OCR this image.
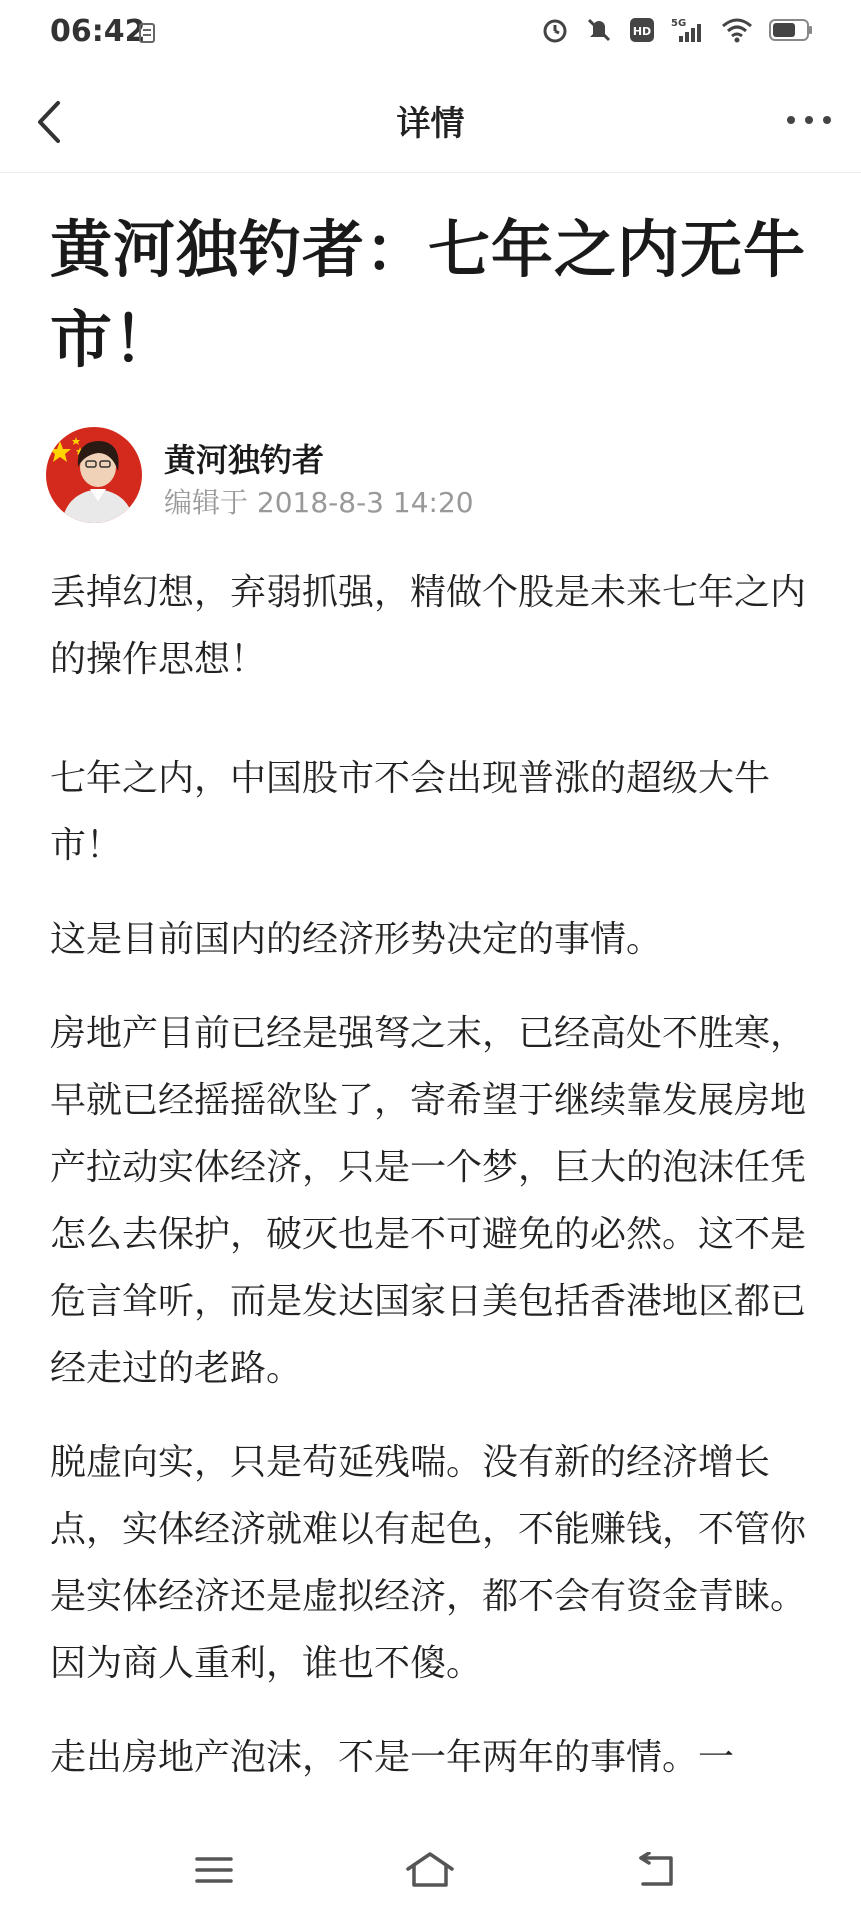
06:42	HD
5G
详情
黄河独钓者：七年之内无牛市！
黄河独钓者
编辑于 2018-8-3 14:20

丢掉幻想，弃弱抓强，精做个股是未来七年之内的操作思想！

七年之内，中国股市不会出现普涨的超级大牛市！

这是目前国内的经济形势决定的事情。

房地产目前已经是强弩之末，已经高处不胜寒，早就已经摇摇欲坠了，寄希望于继续靠发展房地产拉动实体经济，只是一个梦，巨大的泡沫任凭怎么去保护，破灭也是不可避免的必然。这不是危言耸听，而是发达国家日美包括香港地区都已经走过的老路。

脱虚向实，只是苟延残喘。没有新的经济增长点，实体经济就难以有起色，不能赚钱，不管你是实体经济还是虚拟经济，都不会有资金青睐。因为商人重利，谁也不傻。

走出房地产泡沫，不是一年两年的事情。一
